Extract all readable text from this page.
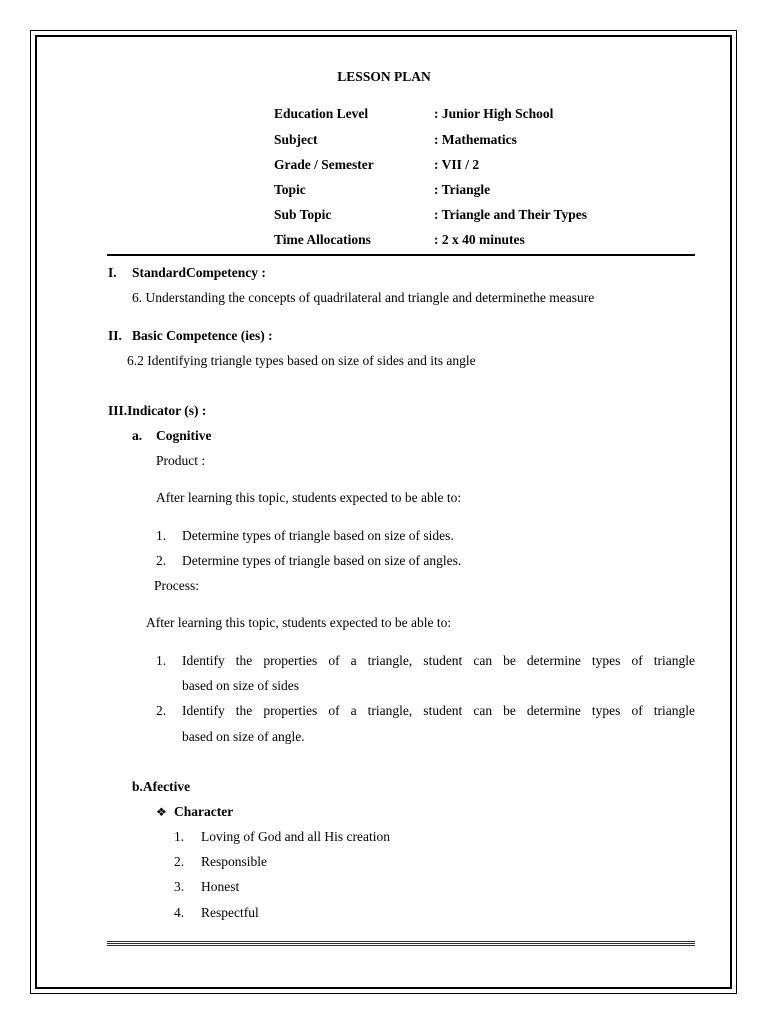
LESSON PLAN
Education Level	: Junior High School
Subject	: Mathematics
Grade / Semester	: VII / 2
Topic	: Triangle
Sub Topic	: Triangle and Their Types
Time Allocations	: 2 x 40 minutes
I. StandardCompetency :
6. Understanding the concepts of quadrilateral and triangle and determinethe measure
II. Basic Competence (ies) :
6.2 Identifying triangle types based on size of sides and its angle
III.Indicator (s) :
a. Cognitive
Product :
After learning this topic, students expected to be able to:
1. Determine types of triangle based on size of sides.
2. Determine types of triangle based on size of angles.
Process:
After learning this topic, students expected to be able to:
1. Identify the properties of a triangle, student can be determine types of triangle
based on size of sides
2. Identify the properties of a triangle, student can be determine types of triangle
based on size of angle.
b.Afective
❖ Character
1. Loving of God and all His creation
2. Responsible
3. Honest
4. Respectful
